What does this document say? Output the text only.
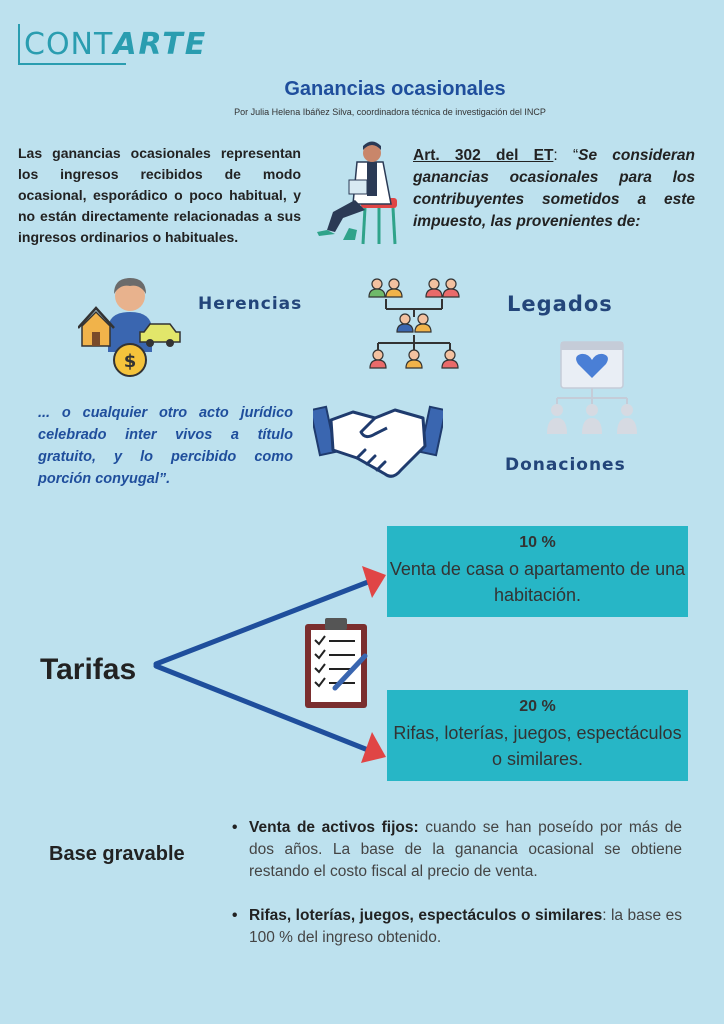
CONTARTE
Ganancias ocasionales
Por Julia Helena Ibáñez Silva, coordinadora técnica de investigación del INCP
Las ganancias ocasionales representan los ingresos recibidos de modo ocasional, esporádico o poco habitual, y no están directamente relacionadas a sus ingresos ordinarios o habituales.
Art. 302 del ET: “Se consideran ganancias ocasionales para los contribuyentes sometidos a este impuesto, las provenientes de:
$
Herencias	Legados
... o cualquier otro acto jurídico celebrado inter vivos a título gratuito, y lo percibido como porción conyugal”.
Donaciones
Tarifas
10 %
Venta de casa o apartamento de una habitación.
20 %
Rifas, loterías, juegos, espectáculos o similares.
Base gravable
• Venta de activos fijos: cuando se han poseído por más de dos años. La base de la ganancia ocasional se obtiene restando el costo fiscal al precio de venta.
• Rifas, loterías, juegos, espectáculos o similares: la base es 100 % del ingreso obtenido.
